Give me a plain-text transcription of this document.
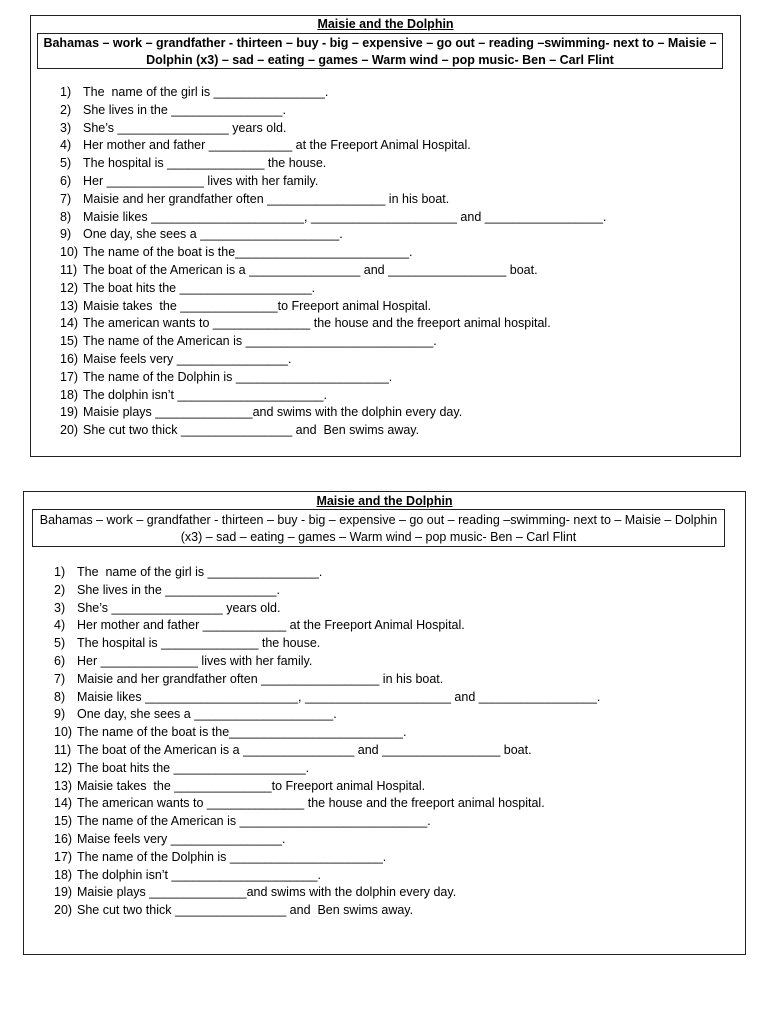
Maisie and the Dolphin
Bahamas – work – grandfather - thirteen – buy - big – expensive – go out – reading –swimming- next to – Maisie – Dolphin (x3) – sad – eating – games – Warm wind – pop music- Ben – Carl Flint
1) The  name of the girl is ________________.
2) She lives in the ________________.
3) She’s ________________ years old.
4) Her mother and father ____________ at the Freeport Animal Hospital.
5) The hospital is ______________ the house.
6) Her ______________ lives with her family.
7) Maisie and her grandfather often _________________ in his boat.
8) Maisie likes ______________________, _____________________ and _________________.
9) One day, she sees a ____________________.
10) The name of the boat is the_________________________.
11) The boat of the American is a ________________ and _________________ boat.
12) The boat hits the ___________________.
13) Maisie takes  the ______________to Freeport animal Hospital.
14) The american wants to ______________ the house and the freeport animal hospital.
15) The name of the American is ___________________________.
16) Maise feels very ________________.
17) The name of the Dolphin is ______________________.
18) The dolphin isn’t _____________________.
19) Maisie plays ______________and swims with the dolphin every day.
20) She cut two thick ________________ and  Ben swims away.
Maisie and the Dolphin
Bahamas – work – grandfather - thirteen – buy - big – expensive – go out – reading –swimming- next to – Maisie – Dolphin (x3) – sad – eating – games – Warm wind – pop music- Ben – Carl Flint
1) The  name of the girl is ________________.
2) She lives in the ________________.
3) She’s ________________ years old.
4) Her mother and father ____________ at the Freeport Animal Hospital.
5) The hospital is ______________ the house.
6) Her ______________ lives with her family.
7) Maisie and her grandfather often _________________ in his boat.
8) Maisie likes ______________________, _____________________ and _________________.
9) One day, she sees a ____________________.
10) The name of the boat is the_________________________.
11) The boat of the American is a ________________ and _________________ boat.
12) The boat hits the ___________________.
13) Maisie takes  the ______________to Freeport animal Hospital.
14) The american wants to ______________ the house and the freeport animal hospital.
15) The name of the American is ___________________________.
16) Maise feels very ________________.
17) The name of the Dolphin is ______________________.
18) The dolphin isn’t _____________________.
19) Maisie plays ______________and swims with the dolphin every day.
20) She cut two thick ________________ and  Ben swims away.
